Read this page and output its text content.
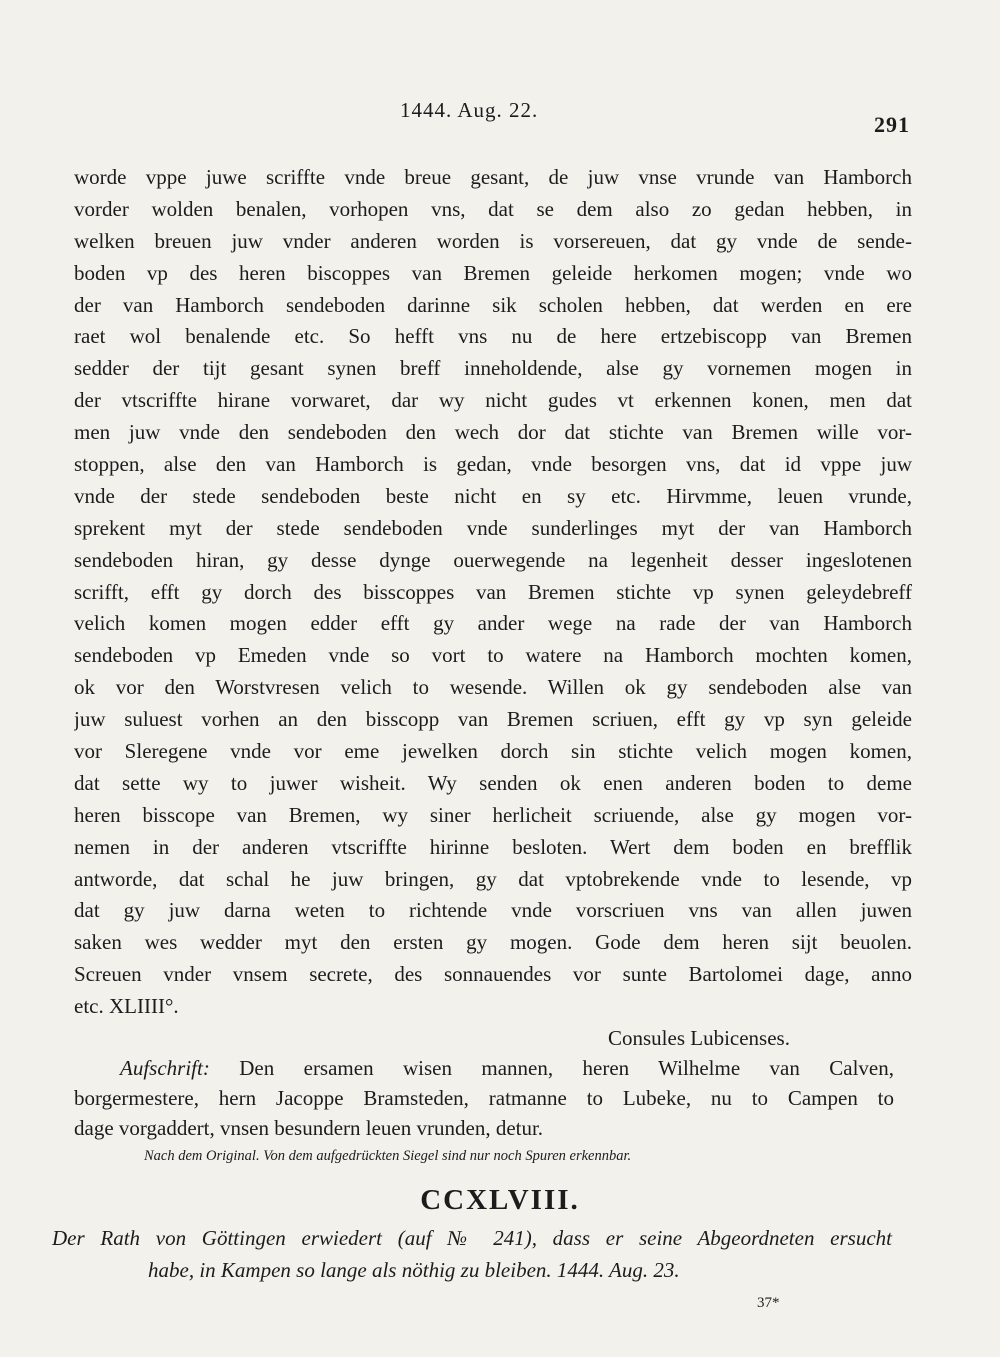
1444. Aug. 22.
291
worde vppe juwe scriffte vnde breue gesant, de juw vnse vrunde van Hamborch
vorder wolden benalen, vorhopen vns, dat se dem also zo gedan hebben, in
welken breuen juw vnder anderen worden is vorsereuen, dat gy vnde de sende-
boden vp des heren biscoppes van Bremen geleide herkomen mogen; vnde wo
der van Hamborch sendeboden darinne sik scholen hebben, dat werden en ere
raet wol benalende etc. So hefft vns nu de here ertzebiscopp van Bremen
sedder der tijt gesant synen breff inneholdende, alse gy vornemen mogen in
der vtscriffte hirane vorwaret, dar wy nicht gudes vt erkennen konen, men dat
men juw vnde den sendeboden den wech dor dat stichte van Bremen wille vor-
stoppen, alse den van Hamborch is gedan, vnde besorgen vns, dat id vppe juw
vnde der stede sendeboden beste nicht en sy etc. Hirvmme, leuen vrunde,
sprekent myt der stede sendeboden vnde sunderlinges myt der van Hamborch
sendeboden hiran, gy desse dynge ouerwegende na legenheit desser ingeslotenen
scrifft, efft gy dorch des bisscoppes van Bremen stichte vp synen geleydebreff
velich komen mogen edder efft gy ander wege na rade der van Hamborch
sendeboden vp Emeden vnde so vort to watere na Hamborch mochten komen,
ok vor den Worstvresen velich to wesende. Willen ok gy sendeboden alse van
juw suluest vorhen an den bisscopp van Bremen scriuen, efft gy vp syn geleide
vor Sleregene vnde vor eme jewelken dorch sin stichte velich mogen komen,
dat sette wy to juwer wisheit. Wy senden ok enen anderen boden to deme
heren bisscope van Bremen, wy siner herlicheit scriuende, alse gy mogen vor-
nemen in der anderen vtscriffte hirinne besloten. Wert dem boden en brefflik
antworde, dat schal he juw bringen, gy dat vptobrekende vnde to lesende, vp
dat gy juw darna weten to richtende vnde vorscriuen vns van allen juwen
saken wes wedder myt den ersten gy mogen. Gode dem heren sijt beuolen.
Screuen vnder vnsem secrete, des sonnauendes vor sunte Bartolomei dage, anno
etc. XLIIII°.
Consules Lubicenses.
Aufschrift: Den ersamen wisen mannen, heren Wilhelme van Calven,
borgermestere, hern Jacoppe Bramsteden, ratmanne to Lubeke, nu to Campen to
dage vorgaddert, vnsen besundern leuen vrunden, detur.
Nach dem Original. Von dem aufgedrückten Siegel sind nur noch Spuren erkennbar.
CCXLVIII.
Der Rath von Göttingen erwiedert (auf № 241), dass er seine Abgeordneten ersucht
habe, in Kampen so lange als nöthig zu bleiben. 1444. Aug. 23.
37*
